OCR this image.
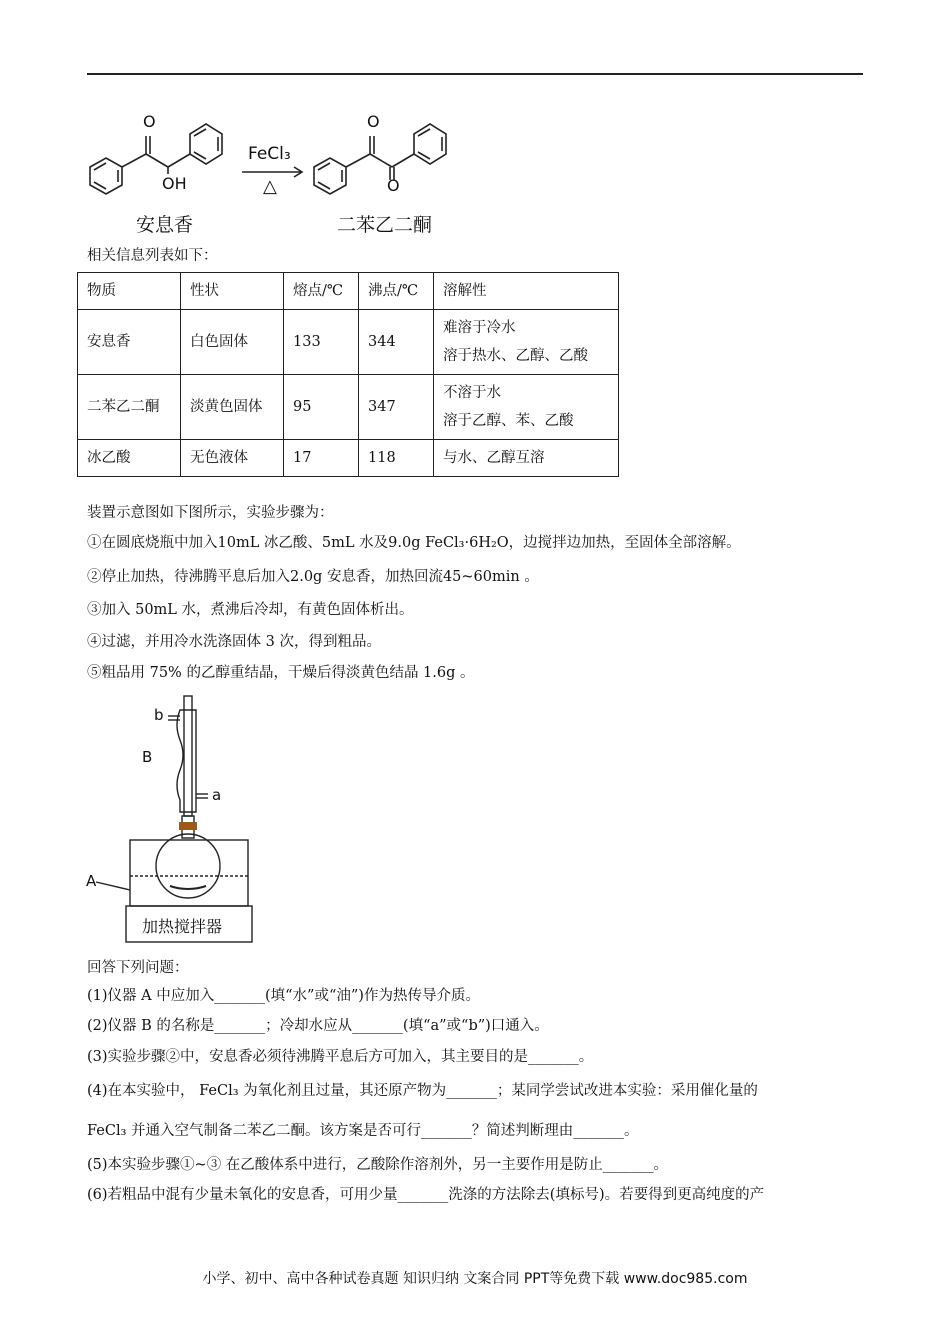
O
OH
FeCl₃
△
O
O
安息香	二苯乙二酮
相关信息列表如下：
物质	性状	熔点/℃	沸点/℃	溶解性
安息香	白色固体	133	344	难溶于冷水
溶于热水、乙醇、乙酸

二苯乙二酮	淡黄色固体	95	347	不溶于水
溶于乙醇、苯、乙酸

冰乙酸	无色液体	17	118	与水、乙醇互溶
装置示意图如下图所示，实验步骤为：
①在圆底烧瓶中加入10mL 冰乙酸、5mL 水及9.0g FeCl₃·6H₂O，边搅拌边加热，至固体全部溶解。
②停止加热，待沸腾平息后加入2.0g 安息香，加热回流45~60min 。
③加入 50mL 水，煮沸后冷却，有黄色固体析出。
④过滤，并用冷水洗涤固体 3 次，得到粗品。
⑤粗品用 75% 的乙醇重结晶，干燥后得淡黄色结晶 1.6g 。
b
a
B
A
加热搅拌器
回答下列问题：
(1)仪器 A 中应加入_______(填“水”或“油”)作为热传导介质。
(2)仪器 B 的名称是_______；冷却水应从_______(填“a”或“b”)口通入。
(3)实验步骤②中，安息香必须待沸腾平息后方可加入，其主要目的是_______。
(4)在本实验中， FeCl₃ 为氧化剂且过量，其还原产物为_______；某同学尝试改进本实验：采用催化量的
FeCl₃ 并通入空气制备二苯乙二酮。该方案是否可行_______？简述判断理由_______。
(5)本实验步骤①~③ 在乙酸体系中进行，乙酸除作溶剂外，另一主要作用是防止_______。
(6)若粗品中混有少量未氧化的安息香，可用少量_______洗涤的方法除去(填标号)。若要得到更高纯度的产
小学、初中、高中各种试卷真题 知识归纳 文案合同 PPT等免费下载 www.doc985.com
